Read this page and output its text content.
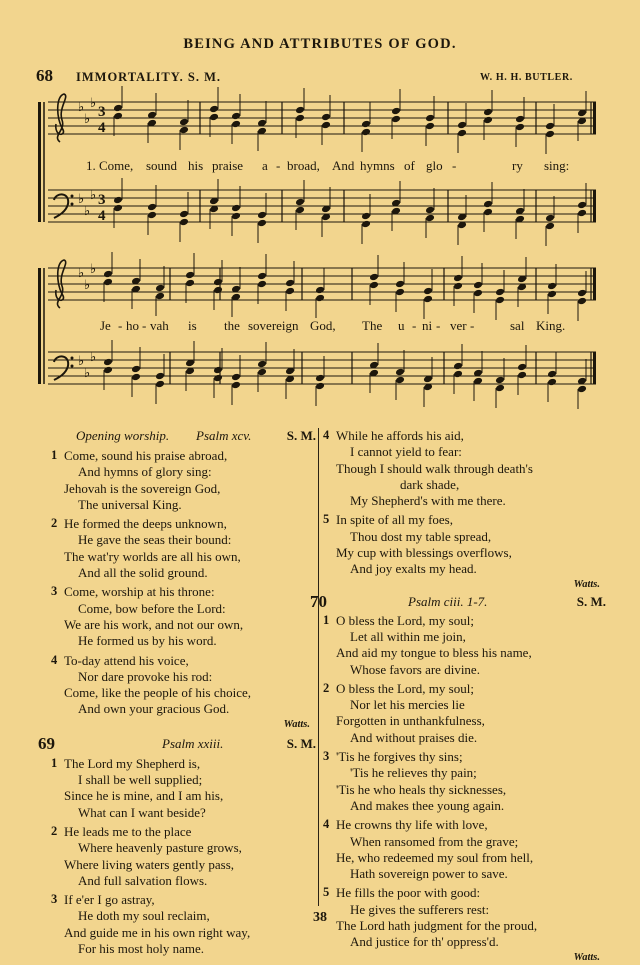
BEING AND ATTRIBUTES OF GOD.
68 IMMORTALITY. S. M.	W. H. H. BUTLER.
♭
♭
♭
3
4
♭
♭
♭ 3
4
♭
♭
♭
♭
♭
♭
1. Come, sound his praise a - broad, And hymns of glo -	ry sing:
Je - ho - vah is the sovereign God, The u - ni - ver -	sal King.
Opening worship. Psalm xcv.	S. M.
1 Come, sound his praise abroad,
And hymns of glory sing:
Jehovah is the sovereign God,
The universal King.
2 He formed the deeps unknown,
He gave the seas their bound:
The wat'ry worlds are all his own,
And all the solid ground.
3 Come, worship at his throne:
Come, bow before the Lord:
We are his work, and not our own,
He formed us by his word.
4 To-day attend his voice,
Nor dare provoke his rod:
Come, like the people of his choice,
And own your gracious God.
Watts.
69	Psalm xxiii.	S. M.
1 The Lord my Shepherd is,
I shall be well supplied;
Since he is mine, and I am his,
What can I want beside?
2 He leads me to the place
Where heavenly pasture grows,
Where living waters gently pass,
And full salvation flows.
3 If e'er I go astray,
He doth my soul reclaim,
And guide me in his own right way,
For his most holy name.
4 While he affords his aid,
I cannot yield to fear:
Though I should walk through death's
dark shade,
My Shepherd's with me there.
5 In spite of all my foes,
Thou dost my table spread,
My cup with blessings overflows,
And joy exalts my head.
Watts.
70	Psalm ciii. 1-7.	S. M.
1 O bless the Lord, my soul;
Let all within me join,
And aid my tongue to bless his name,
Whose favors are divine.
2 O bless the Lord, my soul;
Nor let his mercies lie
Forgotten in unthankfulness,
And without praises die.
3 'Tis he forgives thy sins;
'Tis he relieves thy pain;
'Tis he who heals thy sicknesses,
And makes thee young again.
4 He crowns thy life with love,
When ransomed from the grave;
He, who redeemed my soul from hell,
Hath sovereign power to save.
5 He fills the poor with good:
He gives the sufferers rest:
The Lord hath judgment for the proud,
And justice for th' oppress'd.
Watts.
38
